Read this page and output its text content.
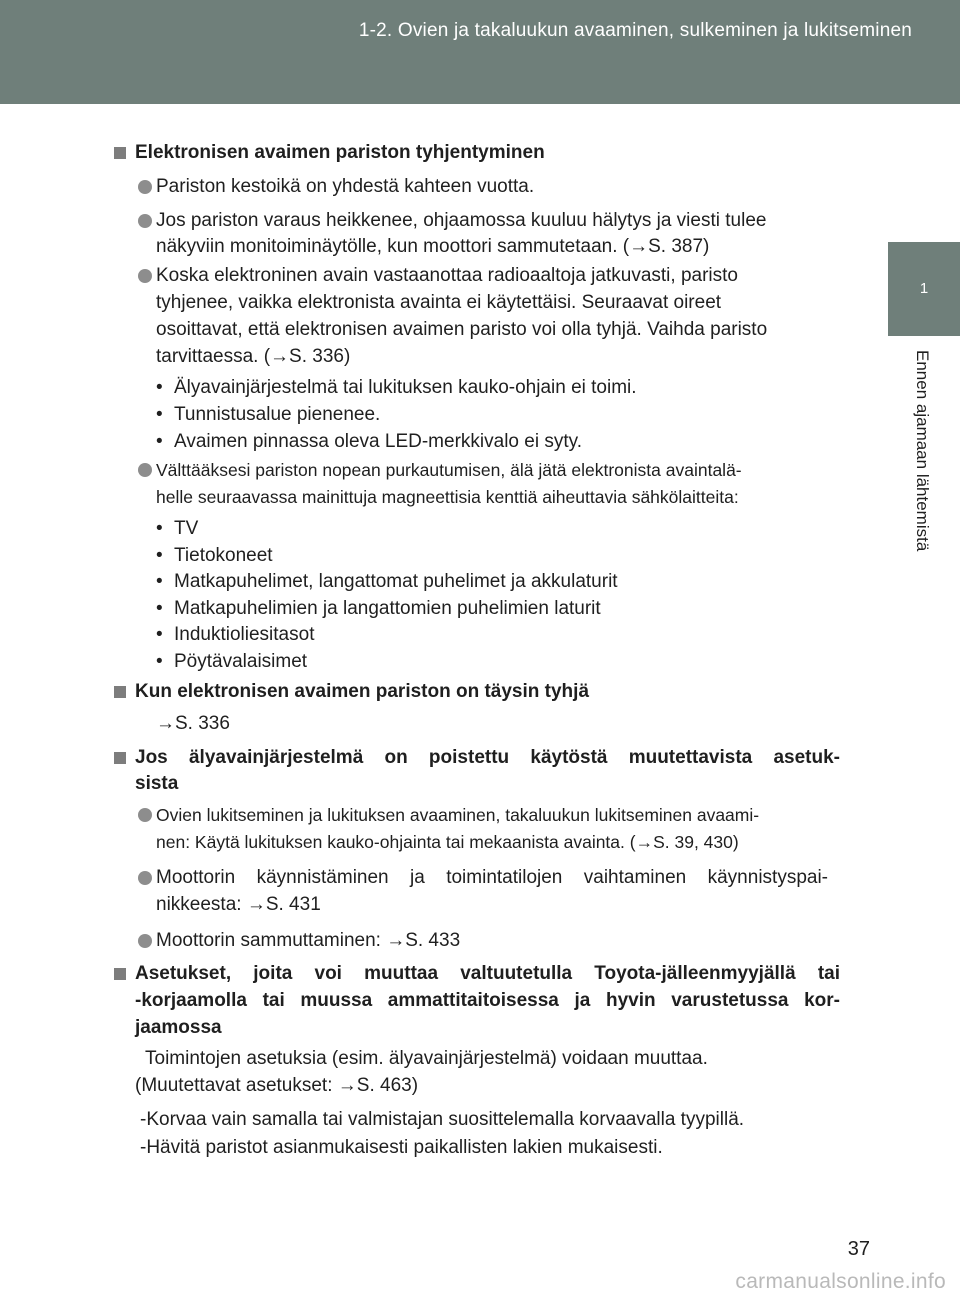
1-2. Ovien ja takaluukun avaaminen, sulkeminen ja lukitseminen
1
Ennen ajamaan lähtemistä
Elektronisen avaimen pariston tyhjentyminen
Pariston kestoikä on yhdestä kahteen vuotta.
Jos pariston varaus heikkenee, ohjaamossa kuuluu hälytys ja viesti tulee
näkyviin monitoiminäytölle, kun moottori sammutetaan. (→S. 387)
Koska elektroninen avain vastaanottaa radioaaltoja jatkuvasti, paristo
tyhjenee, vaikka elektronista avainta ei käytettäisi. Seuraavat oireet
osoittavat, että elektronisen avaimen paristo voi olla tyhjä. Vaihda paristo
tarvittaessa. (→S. 336)
• Älyavainjärjestelmä tai lukituksen kauko-ohjain ei toimi.
• Tunnistusalue pienenee.
• Avaimen pinnassa oleva LED-merkkivalo ei syty.
Välttääksesi pariston nopean purkautumisen, älä jätä elektronista avaintalä-
helle seuraavassa mainittuja magneettisia kenttiä aiheuttavia sähkölaitteita:
• TV
• Tietokoneet
• Matkapuhelimet, langattomat puhelimet ja akkulaturit
• Matkapuhelimien ja langattomien puhelimien laturit
• Induktioliesitasot
• Pöytävalaisimet
Kun elektronisen avaimen pariston on täysin tyhjä
→S. 336
Jos älyavainjärjestelmä on poistettu käytöstä muutettavista asetuk-
sista
Ovien lukitseminen ja lukituksen avaaminen, takaluukun lukitseminen avaami-
nen: Käytä lukituksen kauko-ohjainta tai mekaanista avainta. (→S. 39, 430)
Moottorin käynnistäminen ja toimintatilojen vaihtaminen käynnistyspai-
nikkeesta: →S. 431
Moottorin sammuttaminen: →S. 433
Asetukset, joita voi muuttaa valtuutetulla Toyota-jälleenmyyjällä tai
-korjaamolla tai muussa ammattitaitoisessa ja hyvin varustetussa kor-
jaamossa
Toimintojen asetuksia (esim. älyavainjärjestelmä) voidaan muuttaa.
(Muutettavat asetukset: →S. 463)
-Korvaa vain samalla tai valmistajan suosittelemalla korvaavalla tyypillä.
-Hävitä paristot asianmukaisesti paikallisten lakien mukaisesti.
37
carmanualsonline.info
